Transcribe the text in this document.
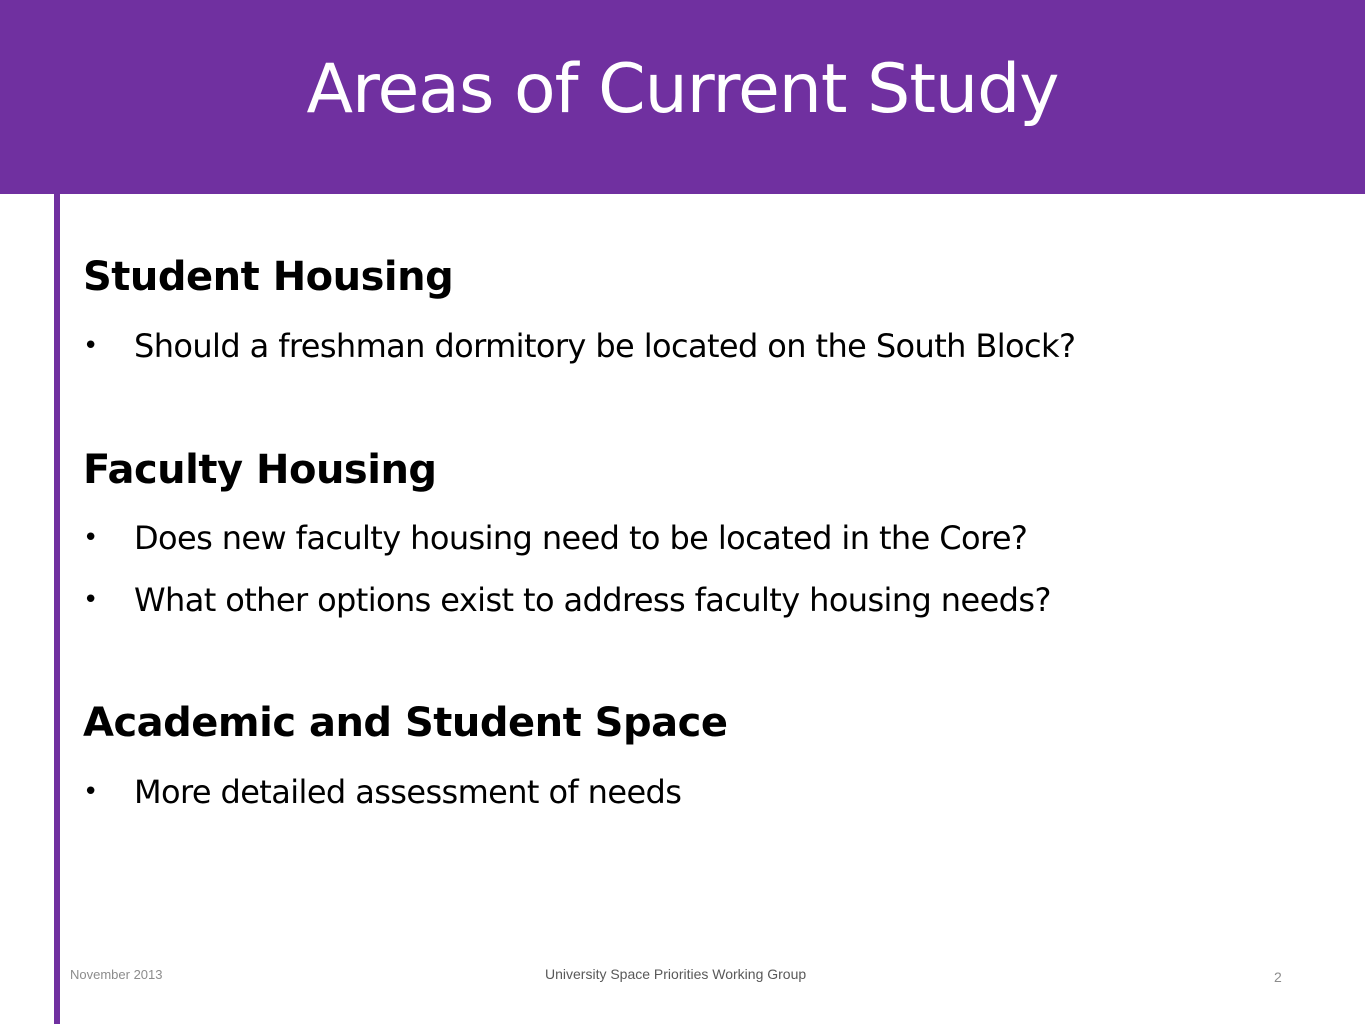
Areas of Current Study
Student Housing
• Should a freshman dormitory be located on the South Block?
Faculty Housing
• Does new faculty housing need to be located in the Core?
• What other options exist to address faculty housing needs?
Academic and Student Space
• More detailed assessment of needs
November 2013	University Space Priorities Working Group	2
